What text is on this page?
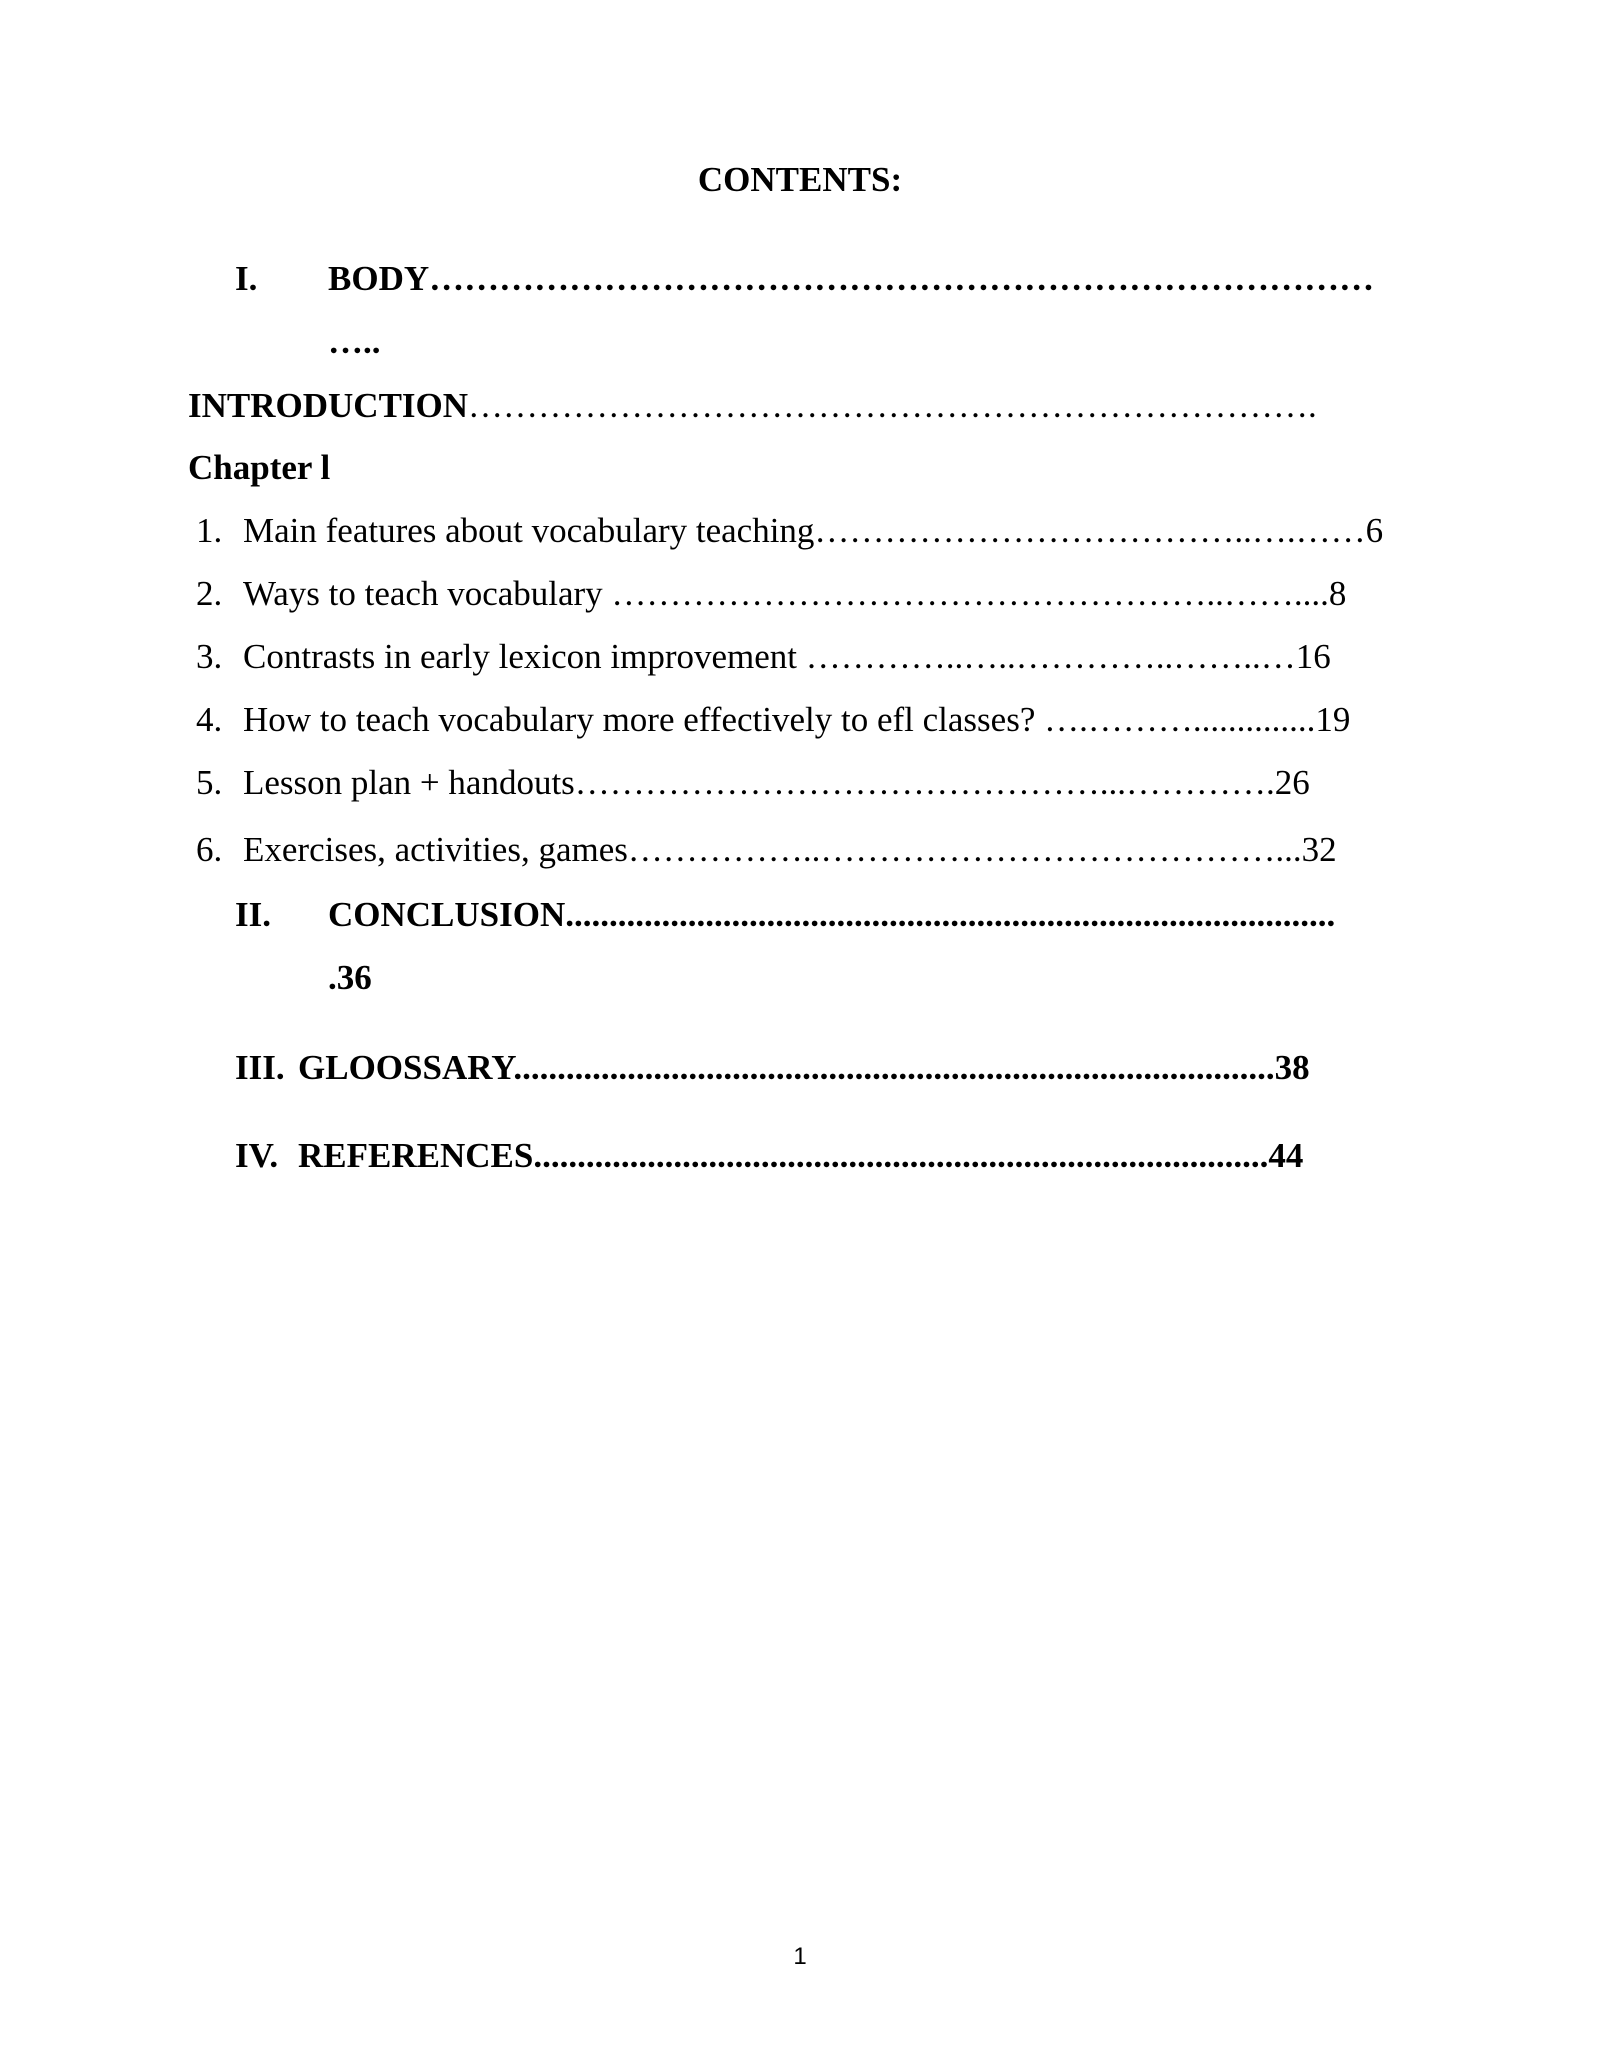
CONTENTS:
I. BODY………………………………………………………………………
…..
INTRODUCTION……………………………………………………………….
Chapter l
1. Main features about vocabulary teaching………………………………..….……6
2. Ways to teach vocabulary ……………………………………………..……....8
3. Contrasts in early lexicon improvement …………..…..…………..……..…16
4. How to teach vocabulary more effectively to efl classes? ….………..............19
5. Lesson plan + handouts………………………………………...………….26
6. Exercises, activities, games……………..…………………………………...32
II. CONCLUSION........................................................................................
.36
III. GLOOSSARY.......................................................................................38
IV. REFERENCES....................................................................................44
1
